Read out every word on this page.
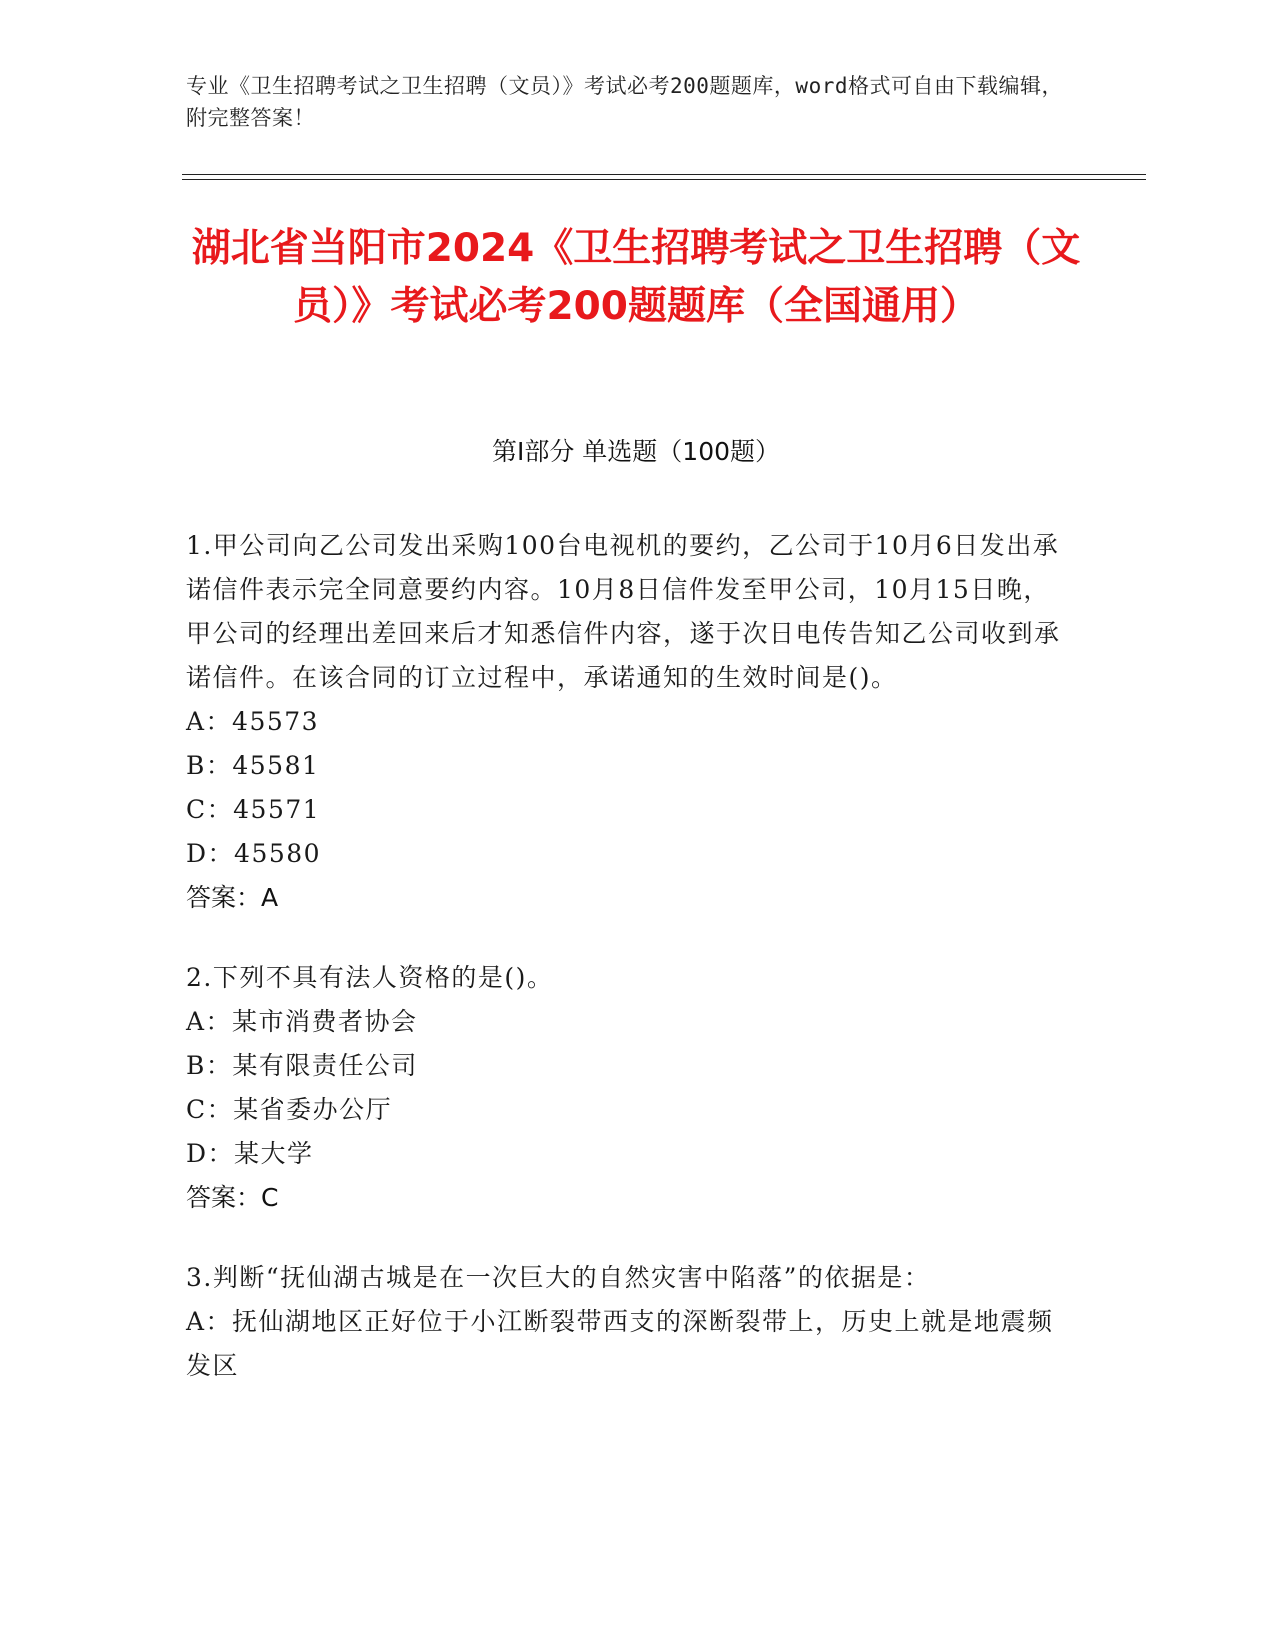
专业《卫生招聘考试之卫生招聘（文员）》考试必考200题题库，word格式可自由下载编辑，附完整答案！
湖北省当阳市2024《卫生招聘考试之卫生招聘（文员）》考试必考200题题库（全国通用）
第I部分 单选题（100题）
1.甲公司向乙公司发出采购100台电视机的要约，乙公司于10月6日发出承诺信件表示完全同意要约内容。10月8日信件发至甲公司，10月15日晚，甲公司的经理出差回来后才知悉信件内容，遂于次日电传告知乙公司收到承诺信件。在该合同的订立过程中，承诺通知的生效时间是()。
A：45573
B：45581
C：45571
D：45580
答案：A
2.下列不具有法人资格的是()。
A：某市消费者协会
B：某有限责任公司
C：某省委办公厅
D：某大学
答案：C
3.判断“抚仙湖古城是在一次巨大的自然灾害中陷落”的依据是：
A：抚仙湖地区正好位于小江断裂带西支的深断裂带上，历史上就是地震频发区
